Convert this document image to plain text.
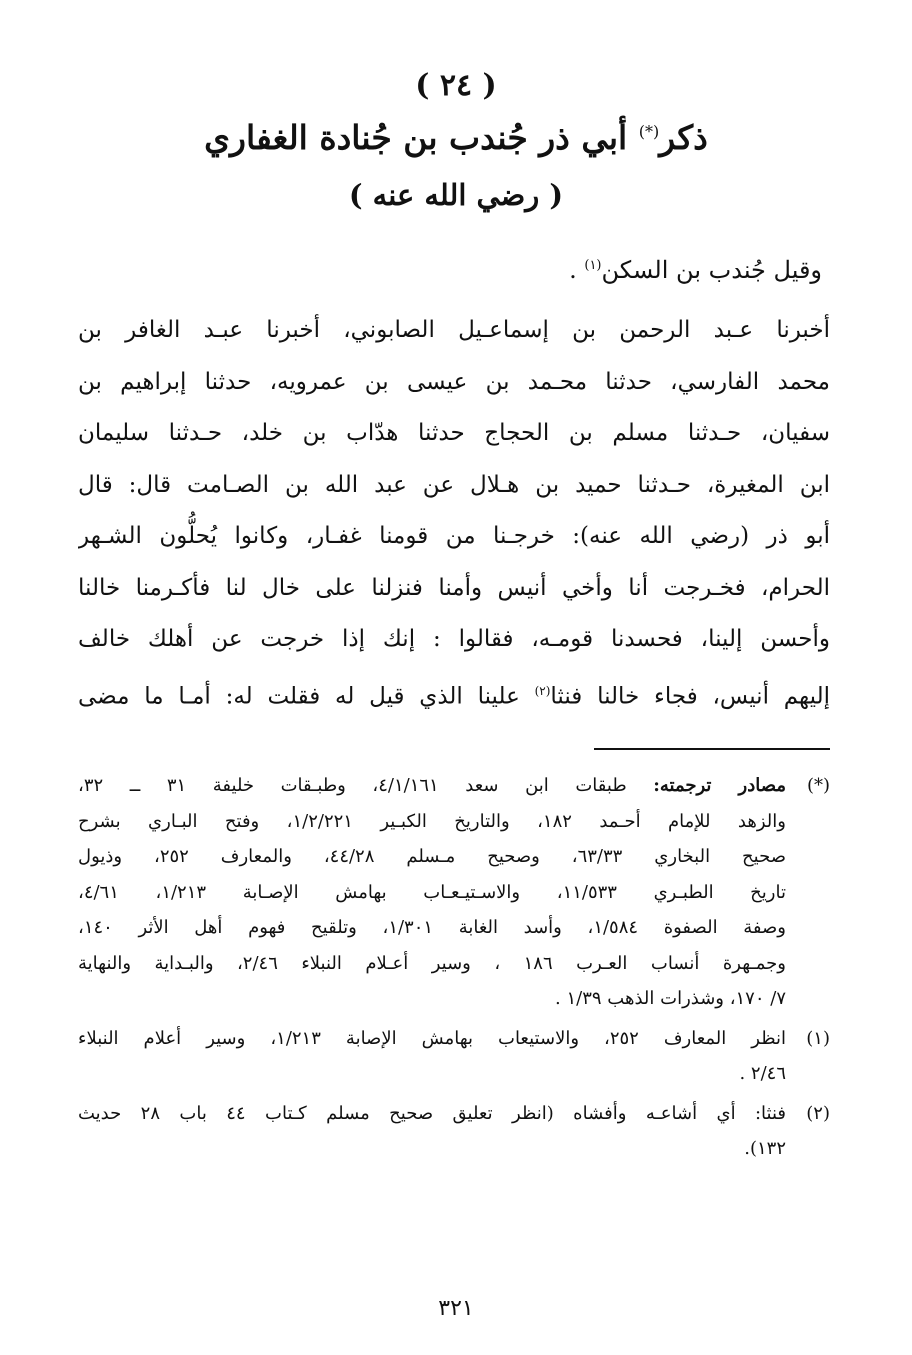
( ٢٤ )
ذكر(*) أبي ذر جُندب بن جُنادة الغفاري
( رضي الله عنه )
وقيل جُندب بن السكن$^{(١)}$ .
أخبرنا عـبد الرحمن بن إسماعـيل الصابوني، أخبرنا عبـد الغافر بن
محمد الفارسي، حدثنا محـمد بن عيسى بن عمرويه، حدثنا إبراهيم بن
سفيان، حـدثنا مسلم بن الحجاج حدثنا هدّاب بن خلد، حـدثنا سليمان
ابن المغيرة، حـدثنا حميد بن هـلال عن عبد الله بن الصـامت قال: قال
أبو ذر (رضي الله عنه): خرجـنا من قومنا غفـار، وكانوا يُحلُّون الشـهر
الحرام، فخـرجت أنا وأخي أنيس وأمنا فنزلنا على خال لنا فأكـرمنا خالنا
وأحسن إلينا، فحسدنا قومـه، فقالوا : إنك إذا خرجت عن أهلك خالف
إليهم أنيس، فجاء خالنا فنثا$^{(٢)}$ علينا الذي قيل له فقلت له: أمـا ما مضى
(*)
مصادر ترجمته: طبقات ابن سعد ٤/١/١٦١، وطبـقات خليفة ٣١ ــ ٣٢،
والزهد للإمام أحـمد ١٨٢، والتاريخ الكبـير ١/٢/٢٢١، وفتح البـاري بشرح
صحيح البخاري ٦٣/٣٣، وصحيح مـسلم ٤٤/٢٨، والمعارف ٢٥٢، وذيول
تاريخ الطبـري ١١/٥٣٣، والاسـتيـعـاب بهامش الإصـابة ١/٢١٣، ٤/٦١،
وصفة الصفوة ١/٥٨٤، وأسد الغابة ١/٣٠١، وتلقيح فهوم أهل الأثر ١٤٠،
وجمـهرة أنساب العـرب ١٨٦ ، وسير أعـلام النبلاء ٢/٤٦، والبـداية والنهاية
٧/ ١٧٠، وشذرات الذهب ١/٣٩ .
(١)
انظر المعارف ٢٥٢، والاستيعاب بهامش الإصابة ١/٢١٣، وسير أعلام النبلاء
٢/٤٦ .
(٢)
فنثا: أي أشاعـه وأفشاه (انظر تعليق صحيح مسلم كـتاب ٤٤ باب ٢٨ حديث
١٣٢).
٣٢١
